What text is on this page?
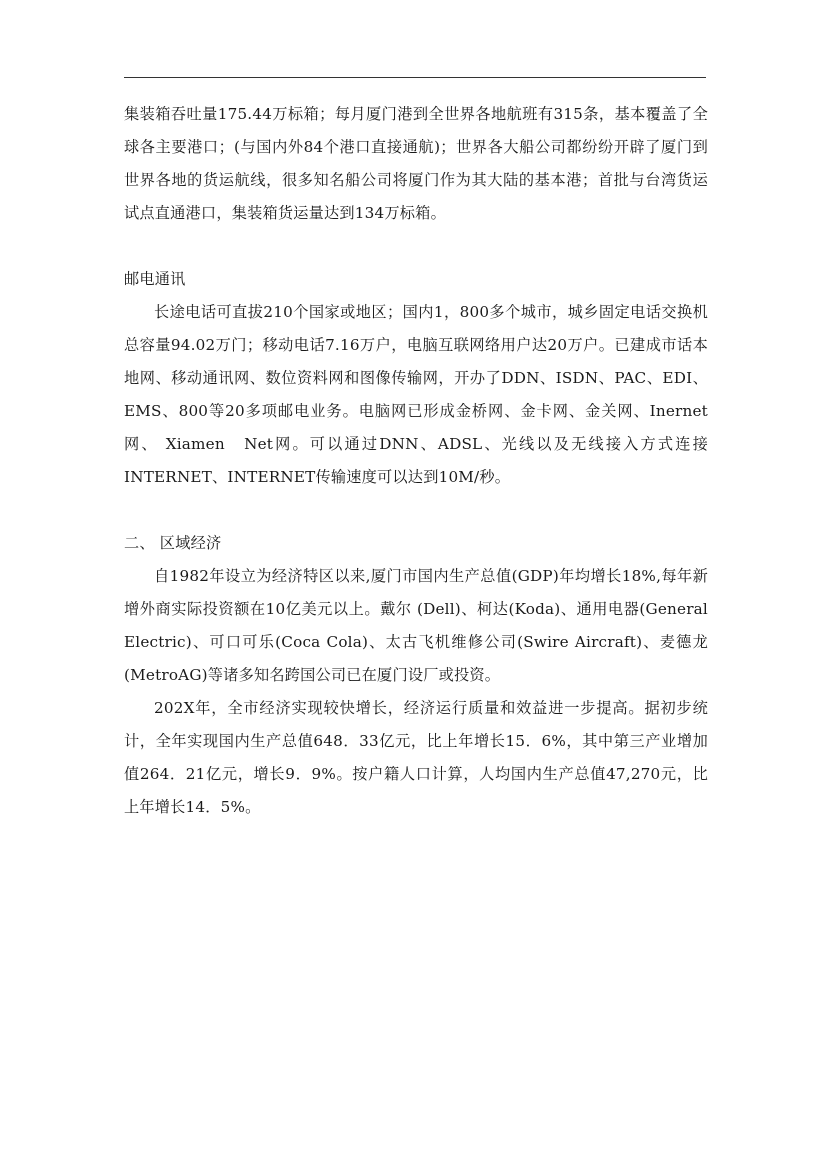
集装箱吞吐量175.44万标箱；每月厦门港到全世界各地航班有315条，基本覆盖了全球各主要港口；(与国内外84个港口直接通航)；世界各大船公司都纷纷开辟了厦门到世界各地的货运航线，很多知名船公司将厦门作为其大陆的基本港；首批与台湾货运试点直通港口，集装箱货运量达到134万标箱。

邮电通讯

长途电话可直拔210个国家或地区；国内1，800多个城市，城乡固定电话交换机总容量94.02万门；移动电话7.16万户，电脑互联网络用户达20万户。已建成市话本地网、移动通讯网、数位资料网和图像传输网，开办了DDN、ISDN、PAC、EDI、EMS、800等20多项邮电业务。电脑网已形成金桥网、金卡网、金关网、Inernet网、 Xiamen　Net网。可以通过DNN、ADSL、光线以及无线接入方式连接INTERNET、INTERNET传输速度可以达到10M/秒。

二、 区域经济

自1982年设立为经济特区以来,厦门市国内生产总值(GDP)年均增长18%,每年新增外商实际投资额在10亿美元以上。戴尔 (Dell)、柯达(Koda)、通用电器(General Electric)、可口可乐(Coca Cola)、太古飞机维修公司(Swire Aircraft)、麦德龙(MetroAG)等诸多知名跨国公司已在厦门设厂或投资。

202X年，全市经济实现较快增长，经济运行质量和效益进一步提高。据初步统计，全年实现国内生产总值648．33亿元，比上年增长15．6%，其中第三产业增加值264．21亿元，增长9．9%。按户籍人口计算，人均国内生产总值47,270元，比上年增长14．5%。
